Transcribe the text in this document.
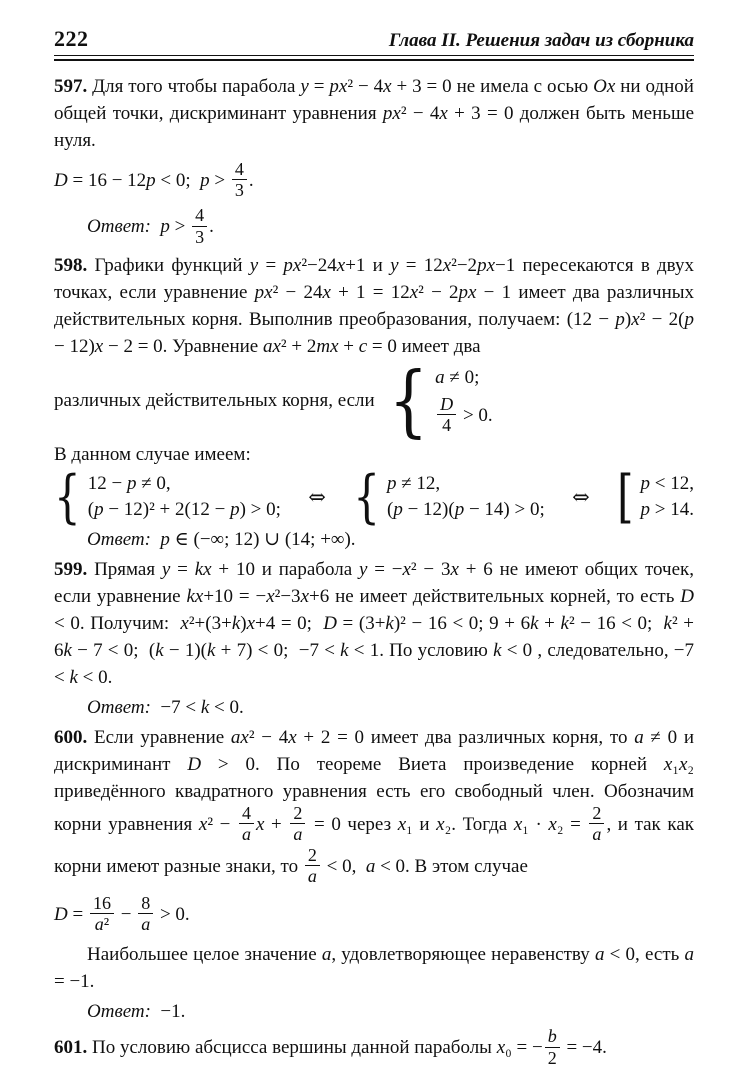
222	Глава II. Решения задач из сборника

597. Для того чтобы парабола y = px² − 4x + 3 = 0 не имела с осью Ox ни одной общей точки, дискриминант уравнения px² − 4x + 3 = 0 должен быть меньше нуля.

D = 16 − 12p < 0;  $p > \frac{4}{3}$ .
Ответ: $p > \frac{4}{3}$ .

598. Графики функций y = px²−24x+1 и y = 12x²−2px−1 пересекаются в двух точках, если уравнение px² − 24x + 1 = 12x² − 2px − 1 имеет два различных действительных корня. Выполнив преобразования, получаем: (12 − p)x² − 2(p − 12)x − 2 = 0. Уравнение ax² + 2mx + c = 0 имеет два

различных действительных корня, если { a ≠ 0;
$\frac{D}{4} > 0$.

В данном случае имеем:

{ 12 − p ≠ 0,
(p − 12)² + 2(12 − p) > 0;
⇔ { p ≠ 12,
(p − 12)(p − 14) > 0;
⇔ [ p < 12,
p > 14.
Ответ: p ∈ (−∞; 12) ∪ (14; +∞).

599. Прямая y = kx + 10 и парабола y = −x² − 3x + 6 не имеют общих точек, если уравнение kx+10 = −x²−3x+6 не имеет действительных корней, то есть D < 0. Получим:  x²+(3+k)x+4 = 0;  D = (3+k)² − 16 < 0; 9 + 6k + k² − 16 < 0;  k² + 6k − 7 < 0;  (k − 1)(k + 7) < 0;  −7 < k < 1. По условию k < 0 , следовательно, −7 < k < 0.

Ответ:  −7 < k < 0.

600. Если уравнение ax² − 4x + 2 = 0 имеет два различных корня, то a ≠ 0 и дискриминант D > 0. По теореме Виета произведение корней x₁x₂ приведённого квадратного уравнения есть его свободный член. Обозначим корни уравнения $x^2 - \frac{4}{a}$ $x + \frac{2}{a} = 0$ через x₁ и x₂. Тогда $x_1 \cdot x_2 = \frac{2}{a}$ , и так как корни имеют разные знаки, то $\frac{2}{a} < 0$,  a < 0. В этом случае

$D = \frac{16}{\text{a²}} - \frac{8}{a} > 0$.

Наибольшее целое значение a, удовлетворяющее неравенству a < 0, есть a = −1.

Ответ:  −1.

601. По условию абсцисса вершины данной параболы x₀ = − $\frac{b}{2} = -4$.
